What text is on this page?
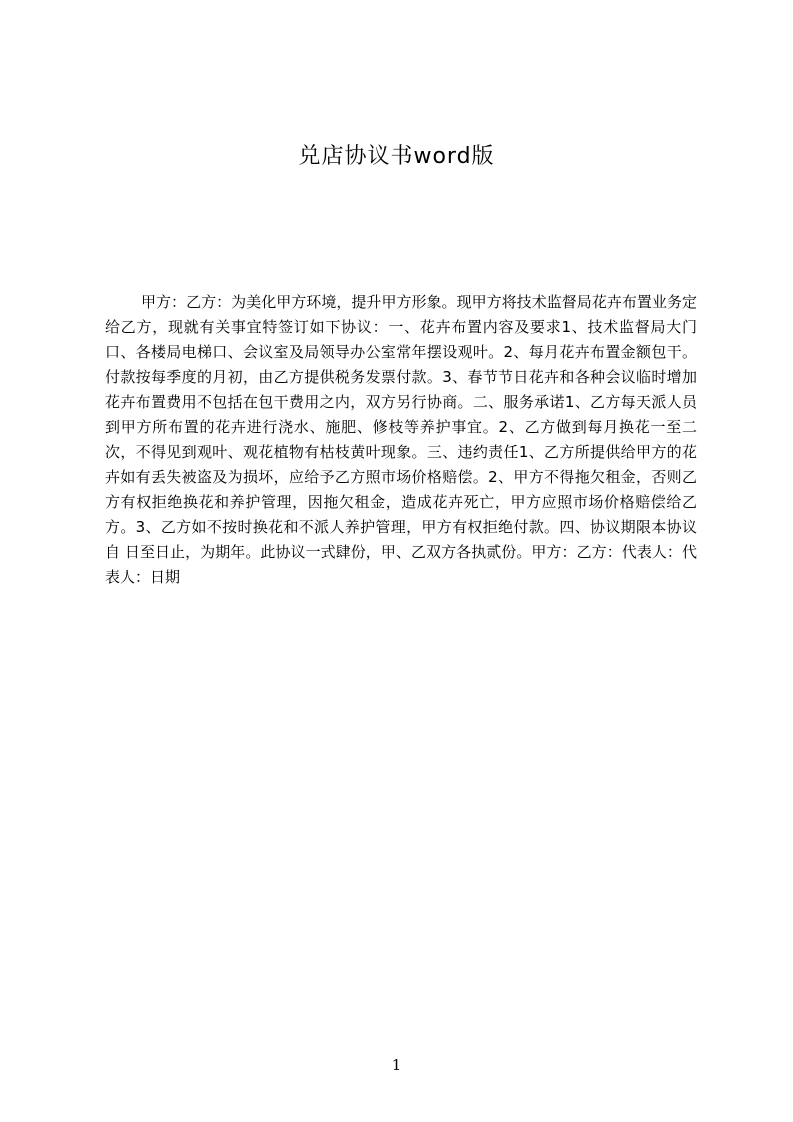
兑店协议书word版

甲方：乙方：为美化甲方环境，提升甲方形象。现甲方将技术监督局花卉布置业务定给乙方，现就有关事宜特签订如下协议：一、花卉布置内容及要求1、技术监督局大门口、各楼局电梯口、会议室及局领导办公室常年摆设观叶。2、每月花卉布置金额包干。付款按每季度的月初，由乙方提供税务发票付款。3、春节节日花卉和各种会议临时增加花卉布置费用不包括在包干费用之内，双方另行协商。二、服务承诺1、乙方每天派人员到甲方所布置的花卉进行浇水、施肥、修枝等养护事宜。2、乙方做到每月换花一至二次，不得见到观叶、观花植物有枯枝黄叶现象。三、违约责任1、乙方所提供给甲方的花卉如有丢失被盗及为损坏，应给予乙方照市场价格赔偿。2、甲方不得拖欠租金，否则乙方有权拒绝换花和养护管理，因拖欠租金，造成花卉死亡，甲方应照市场价格赔偿给乙方。3、乙方如不按时换花和不派人养护管理，甲方有权拒绝付款。四、协议期限本协议自 日至日止，为期年。此协议一式肆份，甲、乙双方各执贰份。甲方：乙方：代表人：代表人：日期

1
